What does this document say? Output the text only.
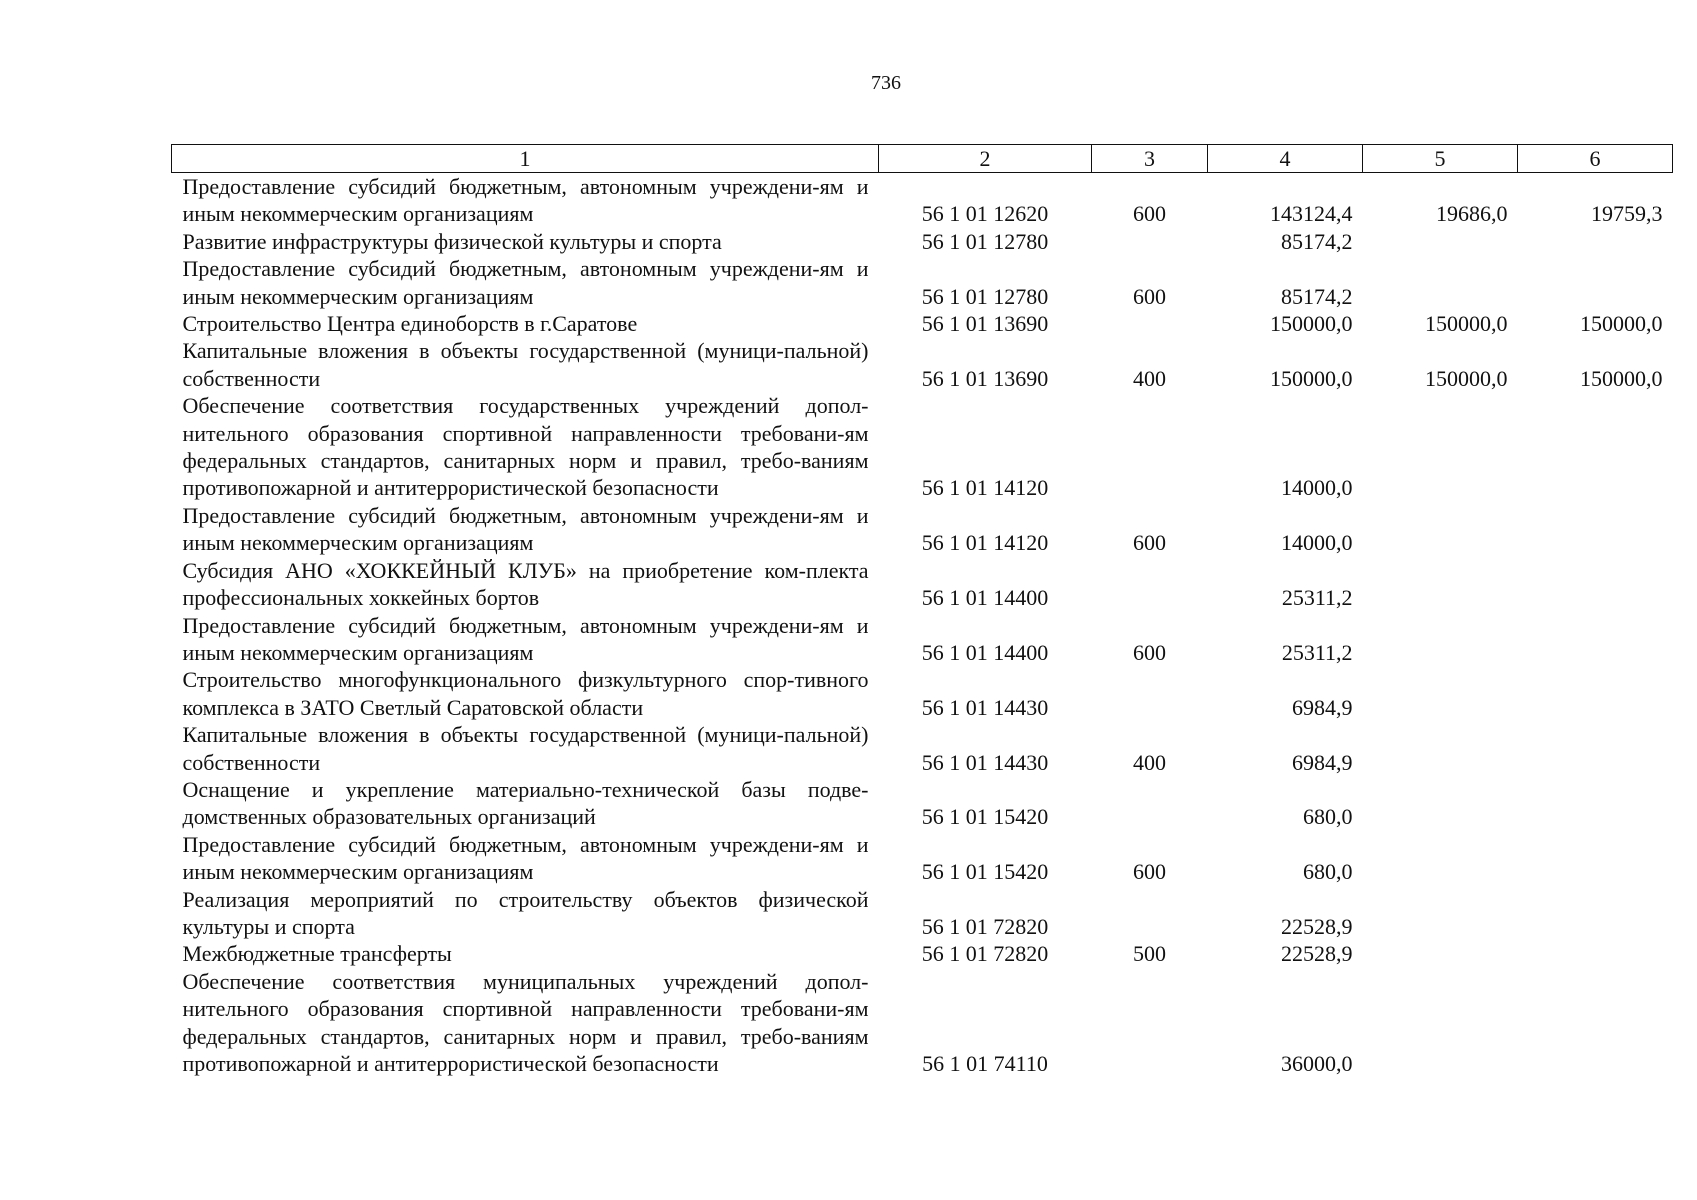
736
1	2	3	4	5	6
Предоставление субсидий бюджетным, автономным учреждени-ям и иным некоммерческим организациям	56 1 01 12620	600	143124,4	19686,0	19759,3
Развитие инфраструктуры физической культуры и спорта	56 1 01 12780		85174,2		
Предоставление субсидий бюджетным, автономным учреждени-ям и иным некоммерческим организациям	56 1 01 12780	600	85174,2		
Строительство Центра единоборств в г.Саратове	56 1 01 13690		150000,0	150000,0	150000,0
Капитальные вложения в объекты государственной (муници-пальной) собственности	56 1 01 13690	400	150000,0	150000,0	150000,0
Обеспечение соответствия государственных учреждений допол-нительного образования спортивной направленности требовани-ям федеральных стандартов, санитарных норм и правил, требо-ваниям противопожарной и антитеррористической безопасности	56 1 01 14120		14000,0		
Предоставление субсидий бюджетным, автономным учреждени-ям и иным некоммерческим организациям	56 1 01 14120	600	14000,0		
Субсидия АНО «ХОККЕЙНЫЙ КЛУБ» на приобретение ком-плекта профессиональных хоккейных бортов	56 1 01 14400		25311,2		
Предоставление субсидий бюджетным, автономным учреждени-ям и иным некоммерческим организациям	56 1 01 14400	600	25311,2		
Строительство многофункционального физкультурного спор-тивного комплекса в ЗАТО Светлый Саратовской области	56 1 01 14430		6984,9		
Капитальные вложения в объекты государственной (муници-пальной) собственности	56 1 01 14430	400	6984,9		
Оснащение и укрепление материально-технической базы подве-домственных образовательных организаций	56 1 01 15420		680,0		
Предоставление субсидий бюджетным, автономным учреждени-ям и иным некоммерческим организациям	56 1 01 15420	600	680,0		
Реализация мероприятий по строительству объектов физической культуры и спорта	56 1 01 72820		22528,9		
Межбюджетные трансферты	56 1 01 72820	500	22528,9		
Обеспечение соответствия муниципальных учреждений допол-нительного образования спортивной направленности требовани-ям федеральных стандартов, санитарных норм и правил, требо-ваниям противопожарной и антитеррористической безопасности	56 1 01 74110		36000,0		
